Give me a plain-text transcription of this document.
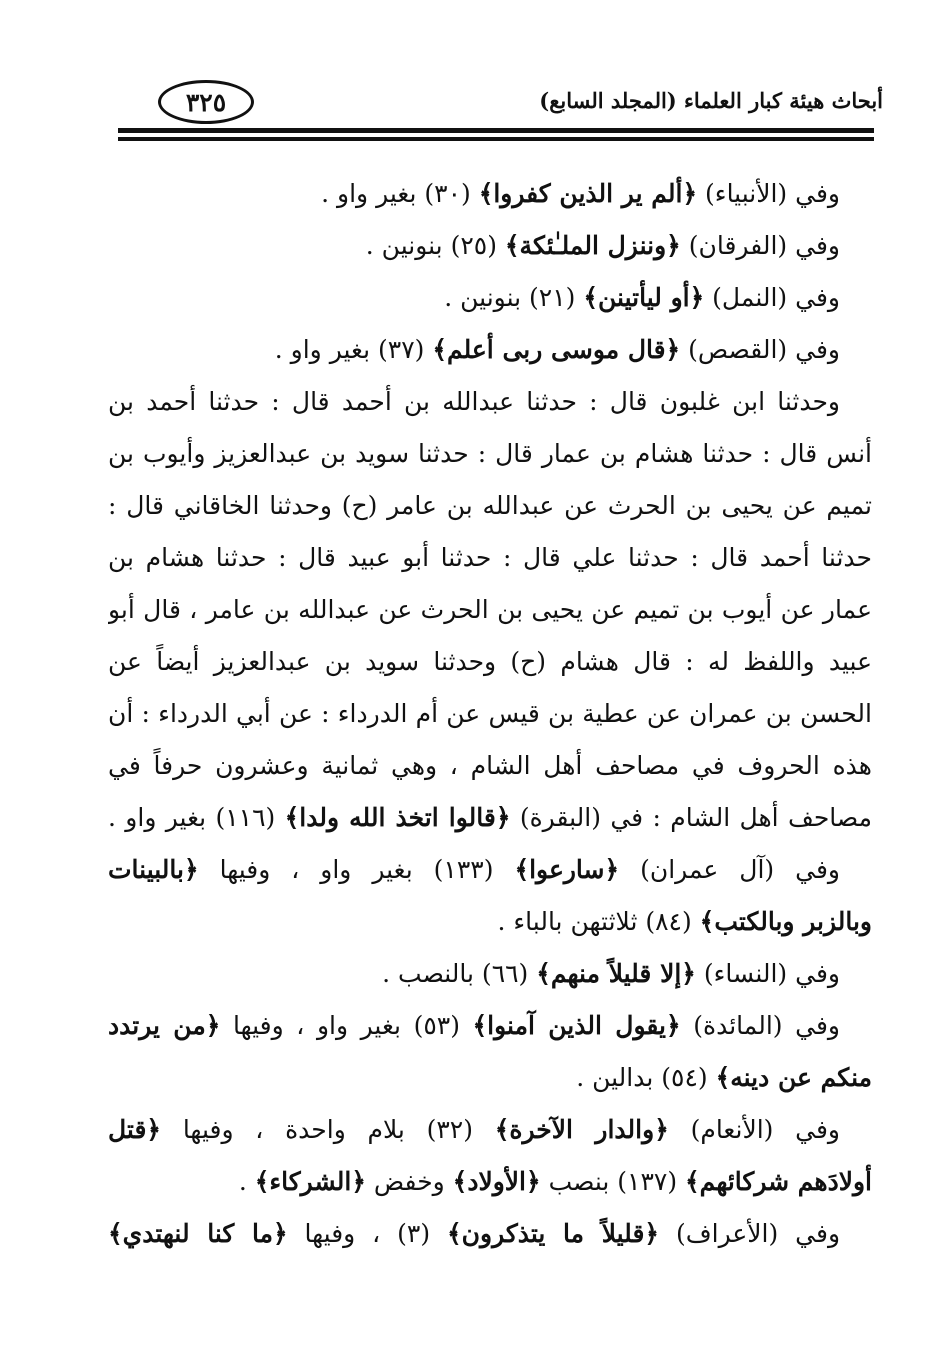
٣٢٥	أبحاث هيئة كبار العلماء (المجلد السابع)
وفي (الأنبياء) ﴿ألم ير الذين كفروا﴾ (٣٠) بغير واو .
وفي (الفرقان) ﴿وننزل الملـٰئكة﴾ (٢٥) بنونين .
وفي (النمل) ﴿أو ليأتينن﴾ (٢١) بنونين .
وفي (القصص) ﴿قال موسى ربى أعلم﴾ (٣٧) بغير واو .
وحدثنا ابن غلبون قال : حدثنا عبدالله بن أحمد قال : حدثنا أحمد بن
أنس قال : حدثنا هشام بن عمار قال : حدثنا سويد بن عبدالعزيز وأيوب بن
تميم عن يحيى بن الحرث عن عبدالله بن عامر (ح) وحدثنا الخاقاني قال :
حدثنا أحمد قال : حدثنا علي قال : حدثنا أبو عبيد قال : حدثنا هشام بن
عمار عن أيوب بن تميم عن يحيى بن الحرث عن عبدالله بن عامر ، قال أبو
عبيد واللفظ له : قال هشام (ح) وحدثنا سويد بن عبدالعزيز أيضاً عن
الحسن بن عمران عن عطية بن قيس عن أم الدرداء : عن أبي الدرداء : أن
هذه الحروف في مصاحف أهل الشام ، وهي ثمانية وعشرون حرفاً في
مصاحف أهل الشام : في (البقرة) ﴿قالوا اتخذ الله ولدا﴾ (١١٦) بغير واو .
وفي (آل عمران) ﴿سارعوا﴾ (١٣٣) بغير واو ، وفيها ﴿بالبينات
وبالزبر وبالكتب﴾ (٨٤) ثلاثتهن بالباء .
وفي (النساء) ﴿إلا قليلاً منهم﴾ (٦٦) بالنصب .
وفي (المائدة) ﴿يقول الذين آمنوا﴾ (٥٣) بغير واو ، وفيها ﴿من يرتدد
منكم عن دينه﴾ (٥٤) بدالين .
وفي (الأنعام) ﴿والدار الآخرة﴾ (٣٢) بلام واحدة ، وفيها ﴿قتل
أولادَهم شركائهم﴾ (١٣٧) بنصب ﴿الأولاد﴾ وخفض ﴿الشركاء﴾ .
وفي (الأعراف) ﴿قليلاً ما يتذكرون﴾ (٣) ، وفيها ﴿ما كنا لنهتدي﴾
